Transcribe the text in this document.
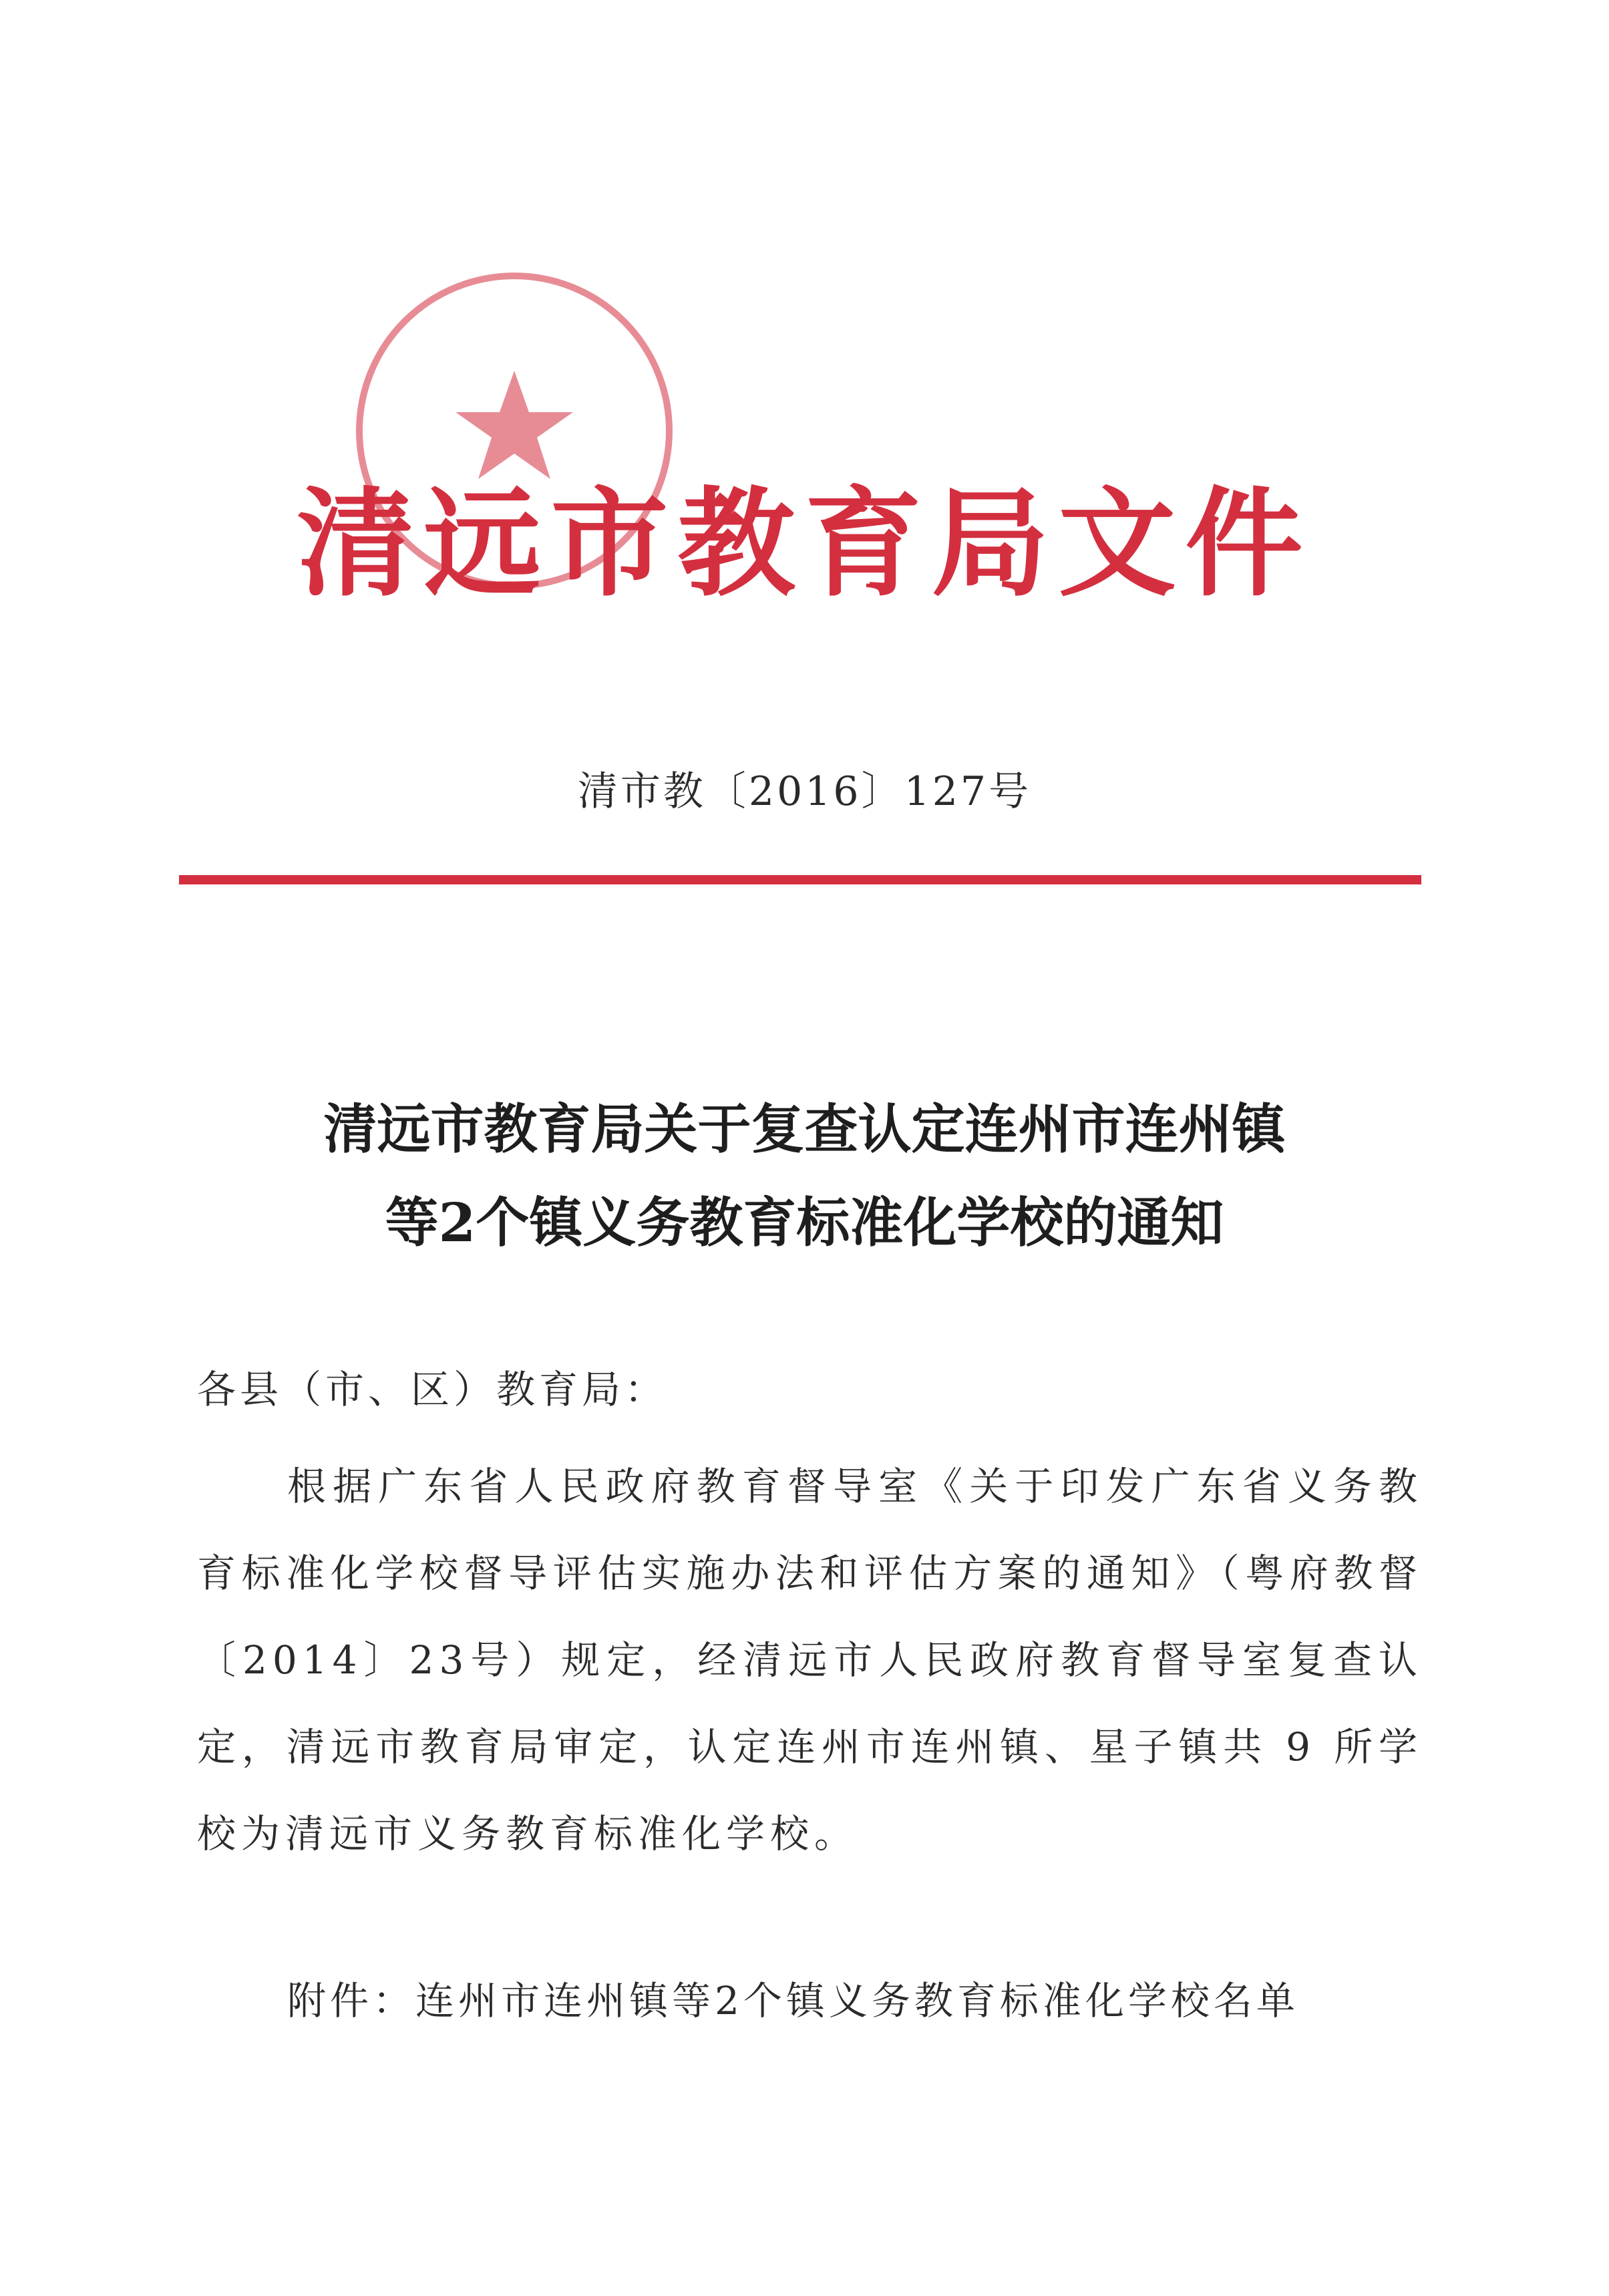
清远市教育局文件
清市教〔2016〕127号
清远市教育局关于复查认定连州市连州镇
等2个镇义务教育标准化学校的通知
各县（市、区）教育局：

根据广东省人民政府教育督导室《关于印发广东省义务教育标准化学校督导评估实施办法和评估方案的通知》（粤府教督〔2014〕23号）规定，经清远市人民政府教育督导室复查认定，清远市教育局审定，认定连州市连州镇、星子镇共 9 所学校为清远市义务教育标准化学校。

附件：连州市连州镇等2个镇义务教育标准化学校名单
